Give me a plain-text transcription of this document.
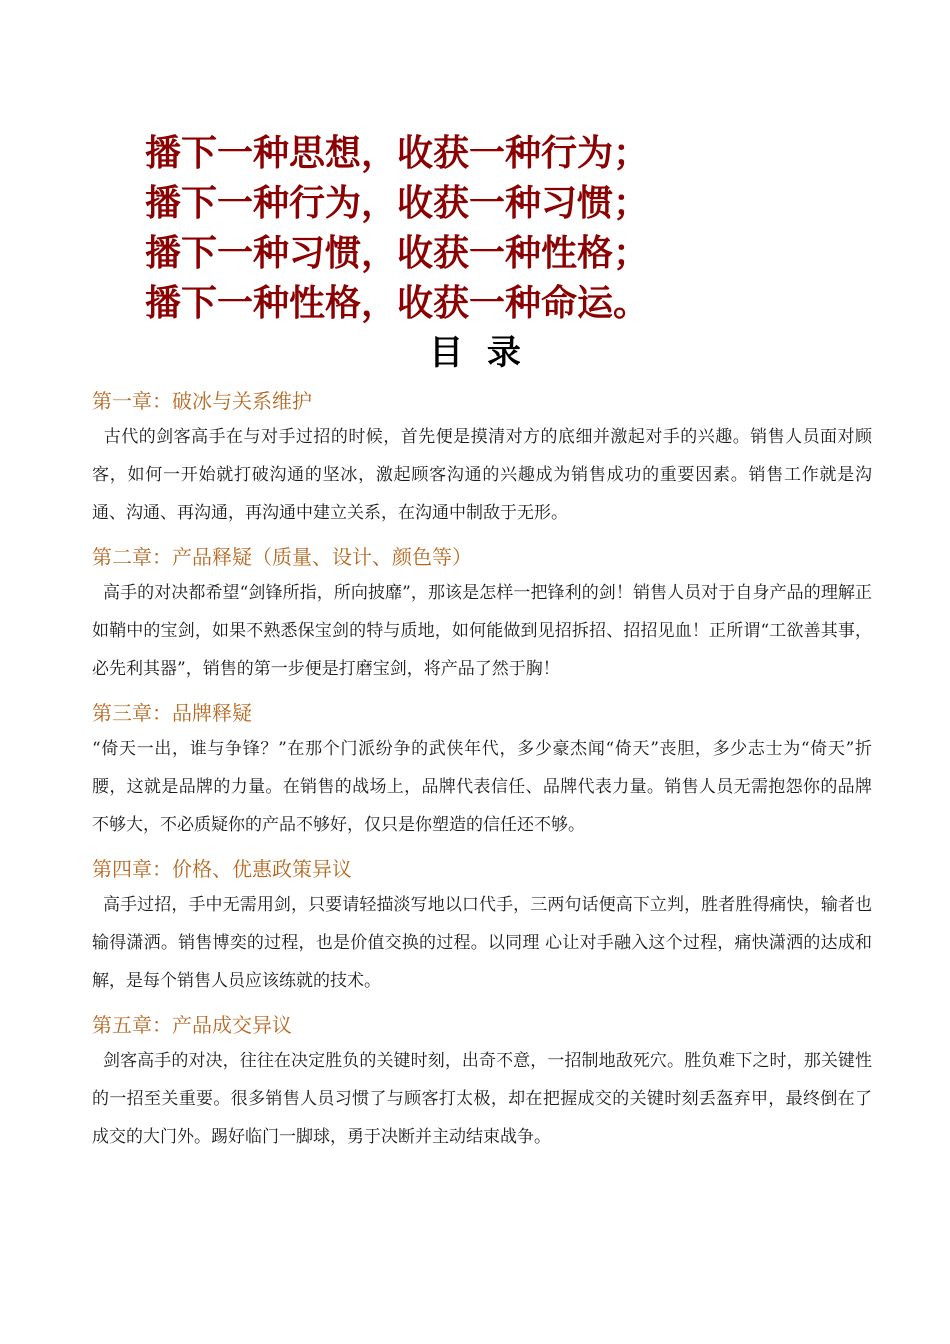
播下一种思想，收获一种行为；
播下一种行为，收获一种习惯；
播下一种习惯，收获一种性格；
播下一种性格，收获一种命运。
目  录
第一章：破冰与关系维护
古代的剑客高手在与对手过招的时候，首先便是摸清对方的底细并激起对手的兴趣。销售人员面对顾客，如何一开始就打破沟通的坚冰，激起顾客沟通的兴趣成为销售成功的重要因素。销售工作就是沟通、沟通、再沟通，再沟通中建立关系，在沟通中制敌于无形。
第二章：产品释疑（质量、设计、颜色等）
高手的对决都希望“剑锋所指，所向披靡”，那该是怎样一把锋利的剑！销售人员对于自身产品的理解正如鞘中的宝剑，如果不熟悉保宝剑的特与质地，如何能做到见招拆招、招招见血！正所谓“工欲善其事，必先利其器”，销售的第一步便是打磨宝剑，将产品了然于胸！
第三章：品牌释疑
“倚天一出，谁与争锋？”在那个门派纷争的武侠年代，多少豪杰闻“倚天”丧胆，多少志士为“倚天”折腰，这就是品牌的力量。在销售的战场上，品牌代表信任、品牌代表力量。销售人员无需抱怨你的品牌不够大，不必质疑你的产品不够好，仅只是你塑造的信任还不够。
第四章：价格、优惠政策异议
高手过招，手中无需用剑，只要请轻描淡写地以口代手，三两句话便高下立判，胜者胜得痛快，输者也输得潇洒。销售博奕的过程，也是价值交换的过程。以同理 心让对手融入这个过程，痛快潇洒的达成和解，是每个销售人员应该练就的技术。
第五章：产品成交异议
剑客高手的对决，往往在决定胜负的关键时刻，出奇不意，一招制地敌死穴。胜负难下之时，那关键性的一招至关重要。很多销售人员习惯了与顾客打太极，却在把握成交的关键时刻丢盔弃甲，最终倒在了成交的大门外。踢好临门一脚球，勇于决断并主动结束战争。
